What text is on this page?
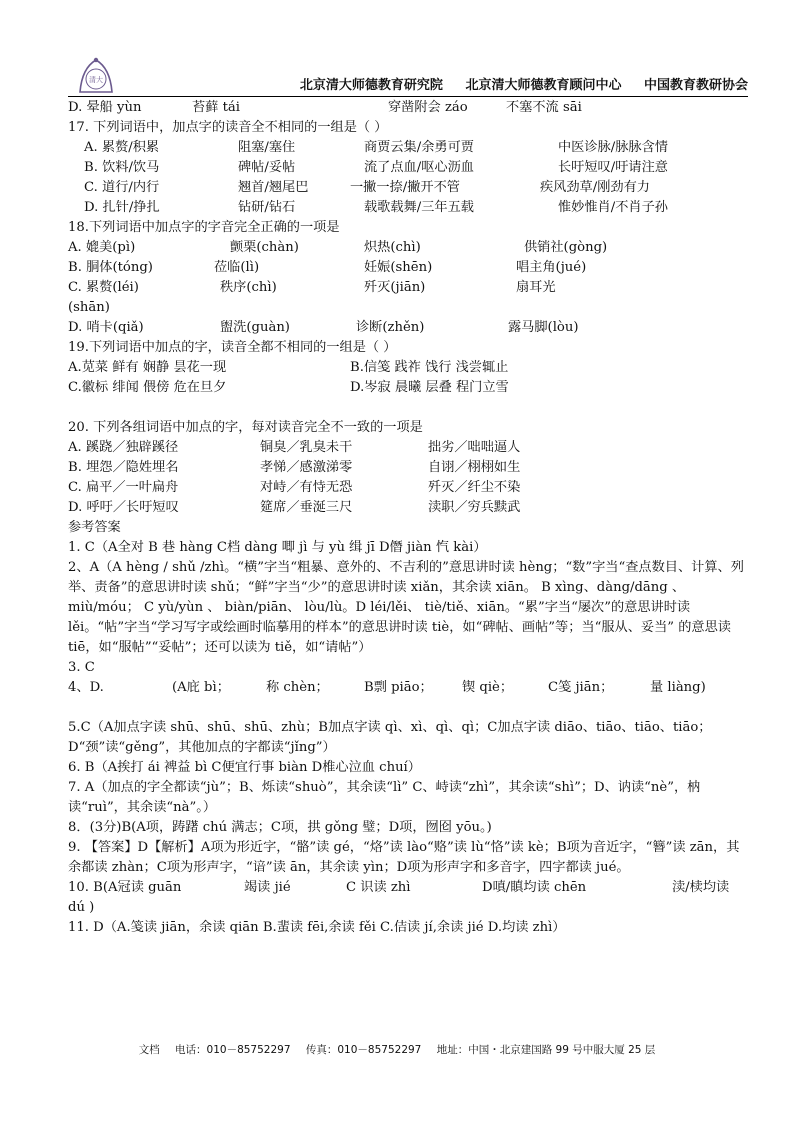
清大	北京清大师德教育研究院 北京清大师德教育顾问中心 中国教育教研协会
D. 晕船 yùn	苔藓 tái	穿凿附会 záo	不塞不流 sāi
17. 下列词语中，加点字的读音全不相同的一组是（ ）
A. 累赘/积累	阻塞/塞住	商贾云集/余勇可贾	中医诊脉/脉脉含情
B. 饮料/饮马	碑帖/妥帖	流了点血/呕心沥血	长吁短叹/吁请注意
C. 道行/内行	翘首/翘尾巴	一撇一捺/撇开不管	疾风劲草/刚劲有力
D. 扎针/挣扎	钻研/钻石	载歌载舞/三年五载	惟妙惟肖/不肖子孙
18.下列词语中加点字的字音完全正确的一项是
A. 媲美(pì)	颤栗(chàn)	炽热(chì)	供销社(gòng)
B. 胴体(tóng)	莅临(lì)	妊娠(shēn)	唱主角(jué)
C. 累赘(léi)	秩序(chì)	歼灭(jiān)	扇耳光
(shān)
D. 哨卡(qiǎ)	盥洗(guàn)	诊断(zhěn)	露马脚(lòu)
19.下列词语中加点的字，读音全都不相同的一组是（ ）
A.苋菜 鲜有 娴静 昙花一现	B.信笺 践祚 饯行 浅尝辄止
C.徽标 绯闻 偎傍 危在旦夕	D.岑寂 晨曦 层叠 程门立雪
20. 下列各组词语中加点的字，每对读音完全不一致的一项是
A. 蹊跷／独辟蹊径	铜臭／乳臭未干	拙劣／咄咄逼人
B. 埋怨／隐姓埋名	孝悌／感激涕零	自诩／栩栩如生
C. 扁平／一叶扁舟	对峙／有恃无恐	歼灭／纤尘不染
D. 呼吁／长吁短叹	筵席／垂涎三尺	渎职／穷兵黩武
参考答案
1. C（A全对 B 巷 hàng C档 dàng 唧 jì 与 yù 缉 jī D僭 jiàn 忾 kài）
2、A（A hèng / shǔ /zhì。“横”字当“粗暴、意外的、不吉利的”意思讲时读 hèng；“数”字当“查点数目、计算、列举、责备”的意思讲时读 shǔ；“鲜”字当“少”的意思讲时读 xiǎn，其余读 xiān。 B xìng、dàng/dāng 、miù/móu； C yù/yùn 、 biàn/piān、 lòu/lù。D léi/lěi、 tiè/tiě、xiān。“累”字当“屡次”的意思讲时读 lěi。“帖”字当“学习写字或绘画时临摹用的样本”的意思讲时读 tiè，如“碑帖、画帖”等；当“服从、妥当” 的意思读 tiē，如“服帖”“妥帖”；还可以读为 tiě，如“请帖”）
3. C
4、D.	(A庇 bì；	称 chèn；	B剽 piāo； 锲 qiè；	C笺 jiān；	量 liàng)
5.C（A加点字读 shū、shū、shū、zhù；B加点字读 qì、xì、qì、qì；C加点字读 diāo、tiāo、tiāo、tiāo；D“颈”读“gěng”，其他加点的字都读“jǐng”）
6. B（A挨打 ái 裨益 bì C便宜行事 biàn D椎心泣血 chuí）
7. A（加点的字全都读“jù”；B、烁读“shuò”，其余读“lì” C、峙读“zhì”，其余读“shì”；D、讷读“nè”，枘读“ruì”，其余读“nà”。）
8．(3分)B(A项，踌躇 chú 满志；C项，拱 gǒng 璧；D项，囫囵 yōu。)
9. 【答案】D【解析】A项为形近字，“骼”读 gé，“烙”读 lào“赂”读 lù“恪”读 kè；B项为音近字，“簪”读 zān，其余都读 zhàn；C项为形声字，“谙”读 ān，其余读 yìn；D项为形声字和多音字，四字都读 jué。
10. B(A冠读 guān	竭读 jié	C 识读 zhì	D嗔/瞋均读 chēn	渎/椟均读
dú )
11. D（A.笺读 jiān，余读 qiān B.蜚读 fēi,余读 fěi C.佶读 jí,余读 jié D.均读 zhì）
文档 电话：010－85752297 传真：010－85752297 地址：中国・北京建国路 99 号中服大厦 25 层
